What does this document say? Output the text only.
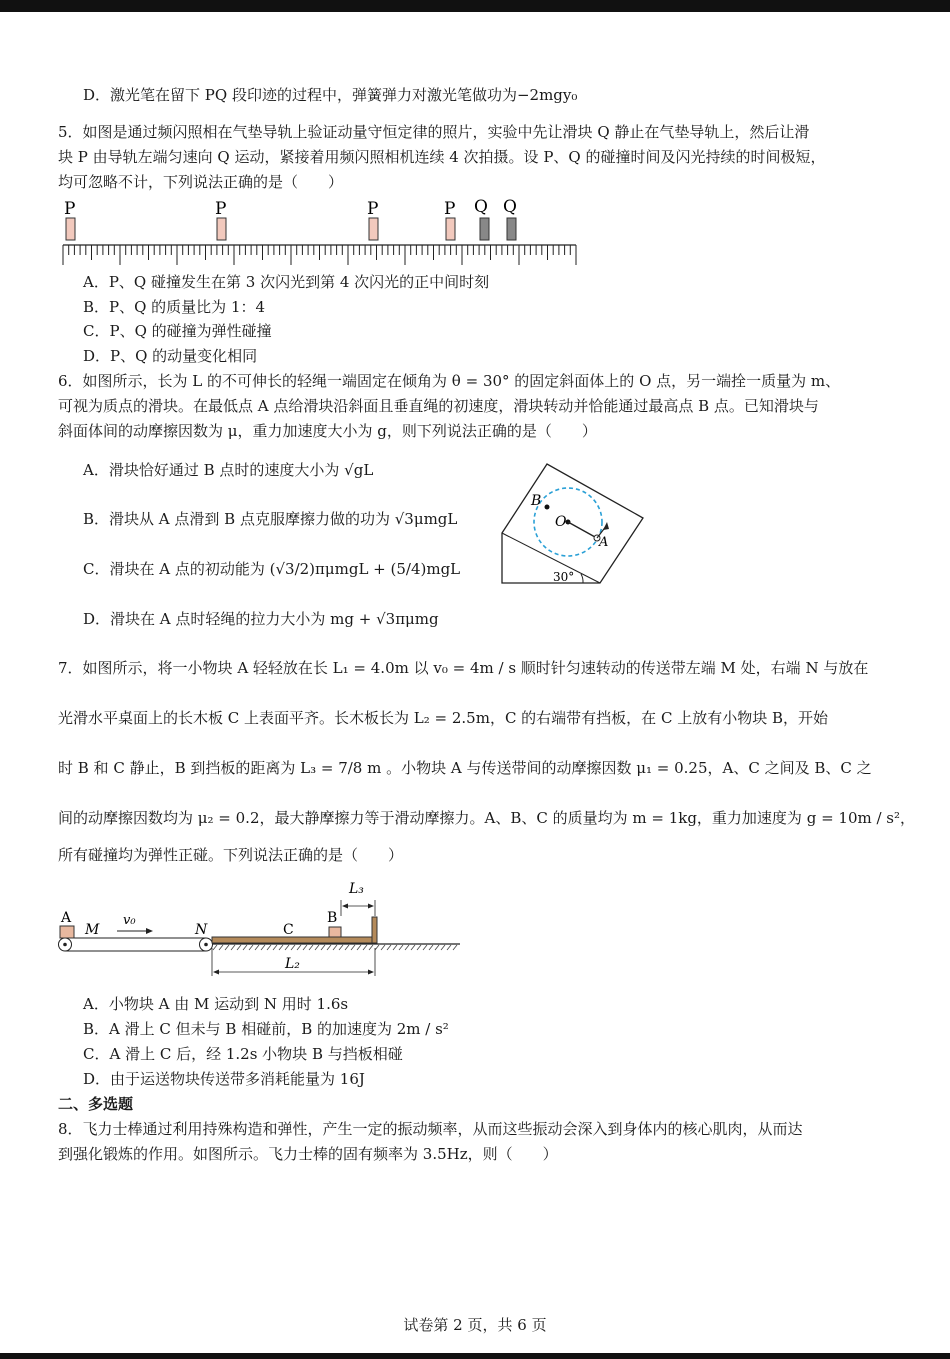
D．激光笔在留下 PQ 段印迹的过程中，弹簧弹力对激光笔做功为−2mgy₀
5．如图是通过频闪照相在气垫导轨上验证动量守恒定律的照片，实验中先让滑块 Q 静止在气垫导轨上，然后让滑
块 P 由导轨左端匀速向 Q 运动，紧接着用频闪照相机连续 4 次拍摄。设 P、Q 的碰撞时间及闪光持续的时间极短，
均可忽略不计，下列说法正确的是（　　）
P	P	P	P Q Q
A．P、Q 碰撞发生在第 3 次闪光到第 4 次闪光的正中间时刻
B．P、Q 的质量比为 1：4
C．P、Q 的碰撞为弹性碰撞
D．P、Q 的动量变化相同
6．如图所示，长为 L 的不可伸长的轻绳一端固定在倾角为 θ = 30° 的固定斜面体上的 O 点，另一端拴一质量为 m、
可视为质点的滑块。在最低点 A 点给滑块沿斜面且垂直绳的初速度，滑块转动并恰能通过最高点 B 点。已知滑块与
斜面体间的动摩擦因数为 μ，重力加速度大小为 g，则下列说法正确的是（　　）
A．滑块恰好通过 B 点时的速度大小为 √gL
B．滑块从 A 点滑到 B 点克服摩擦力做的功为 √3μmgL
C．滑块在 A 点的初动能为 (√3/2)πμmgL + (5/4)mgL
D．滑块在 A 点时轻绳的拉力大小为 mg + √3πμmg
B
O
A
30°
7．如图所示，将一小物块 A 轻轻放在长 L₁ = 4.0m 以 v₀ = 4m / s 顺时针匀速转动的传送带左端 M 处，右端 N 与放在
光滑水平桌面上的长木板 C 上表面平齐。长木板长为 L₂ = 2.5m，C 的右端带有挡板，在 C 上放有小物块 B，开始
时 B 和 C 静止，B 到挡板的距离为 L₃ = 7/8 m 。小物块 A 与传送带间的动摩擦因数 μ₁ = 0.25，A、C 之间及 B、C 之
间的动摩擦因数均为 μ₂ = 0.2，最大静摩擦力等于滑动摩擦力。A、B、C 的质量均为 m = 1kg，重力加速度为 g = 10m / s²，
所有碰撞均为弹性正碰。下列说法正确的是（　　）
A
M
v₀
N	C
B
L₃
L₂
A．小物块 A 由 M 运动到 N 用时 1.6s
B．A 滑上 C 但未与 B 相碰前，B 的加速度为 2m / s²
C．A 滑上 C 后，经 1.2s 小物块 B 与挡板相碰
D．由于运送物块传送带多消耗能量为 16J
二、多选题
8．飞力士棒通过利用持殊构造和弹性，产生一定的振动频率，从而这些振动会深入到身体内的核心肌肉，从而达
到强化锻炼的作用。如图所示。飞力士棒的固有频率为 3.5Hz，则（　　）
试卷第 2 页，共 6 页
